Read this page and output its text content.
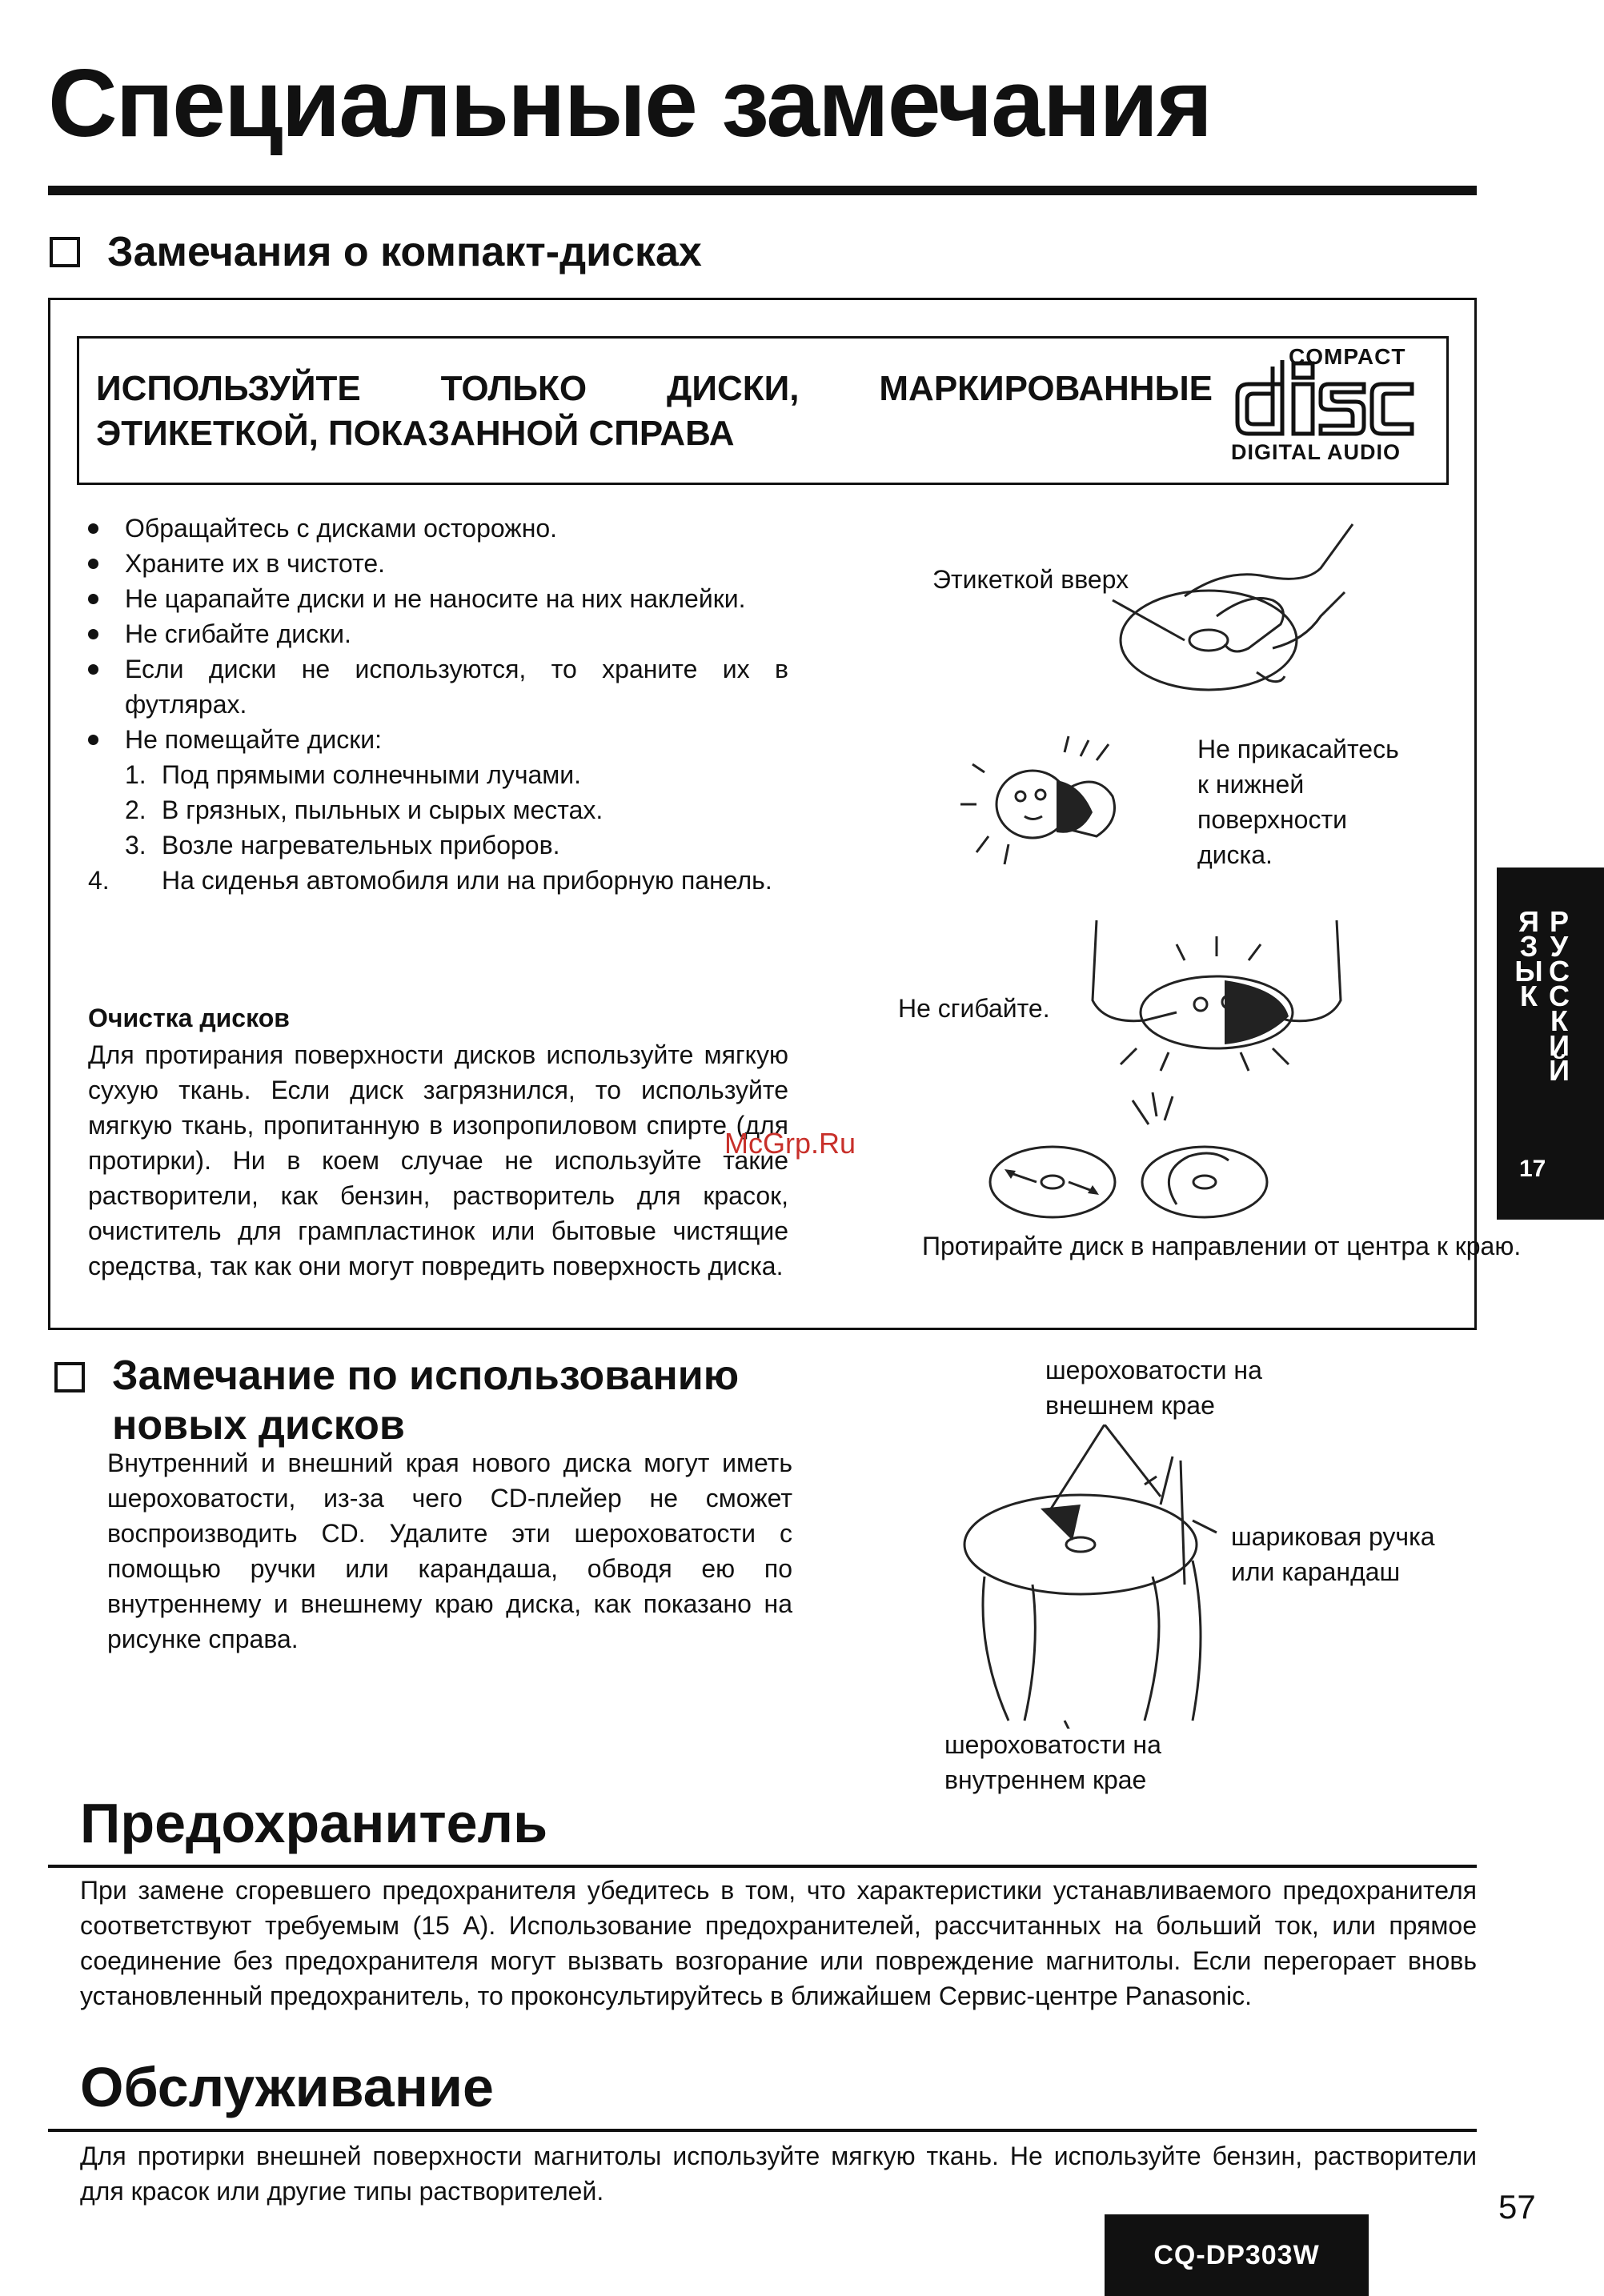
Специальные замечания
Замечания о компакт-дисках
ИСПОЛЬЗУЙТЕ ТОЛЬКО ДИСКИ, МАРКИРОВАННЫЕ ЭТИКЕТКОЙ, ПОКАЗАННОЙ СПРАВА
COMPACT
DIGITAL AUDIO
Обращайтесь с дисками осторожно.
Храните их в чистоте.
Не царапайте диски и не наносите на них наклейки.
Не сгибайте диски.
Если диски не используются, то храните их в футлярах.
Не помещайте диски:
1. Под прямыми солнечными лучами.
2. В грязных, пыльных и сырых местах.
3. Возле нагревательных приборов.
4. На сиденья автомобиля или на приборную панель.
Очистка дисков
Для протирания поверхности дисков используйте мягкую сухую ткань. Если диск загрязнился, то используйте мягкую ткань, пропитанную в изопропиловом спирте (для протирки). Ни в коем случае не используйте такие растворители, как бензин, растворитель для красок, очиститель для грампластинок или бытовые чистящие средства, так как они могут повредить поверхность диска.
Этикеткой вверх
Не прикасайтесь к нижней поверхности диска.
Не сгибайте.
Протирайте диск в направлении от центра к краю.
Замечание по использованию новых дисков
Внутренний и внешний края нового диска могут иметь шероховатости, из-за чего CD-плейер не сможет воспроизводить CD. Удалите эти шероховатости с помощью ручки или карандаша, обводя ею по внутреннему и внешнему краю диска, как показано на рисунке справа.
шероховатости на внешнем крае
шариковая ручка или карандаш
шероховатости на внутреннем крае
Предохранитель
При замене сгоревшего предохранителя убедитесь в том, что характеристики устанавливаемого предохранителя соответствуют требуемым (15 А). Использование предохранителей, рассчитанных на больший ток, или прямое соединение без предохранителя могут вызвать возгорание или повреждение магнитолы. Если перегорает вновь установленный предохранитель, то проконсультируйтесь в ближайшем Сервис-центре Panasonic.
Обслуживание
Для протирки внешней поверхности магнитолы используйте мягкую ткань. Не используйте бензин, растворители для красок или другие типы растворителей.
Я
З
Ы
К
Р
У
С
С
К
И
Й
17
McGrp.Ru
CQ-DP303W
57
